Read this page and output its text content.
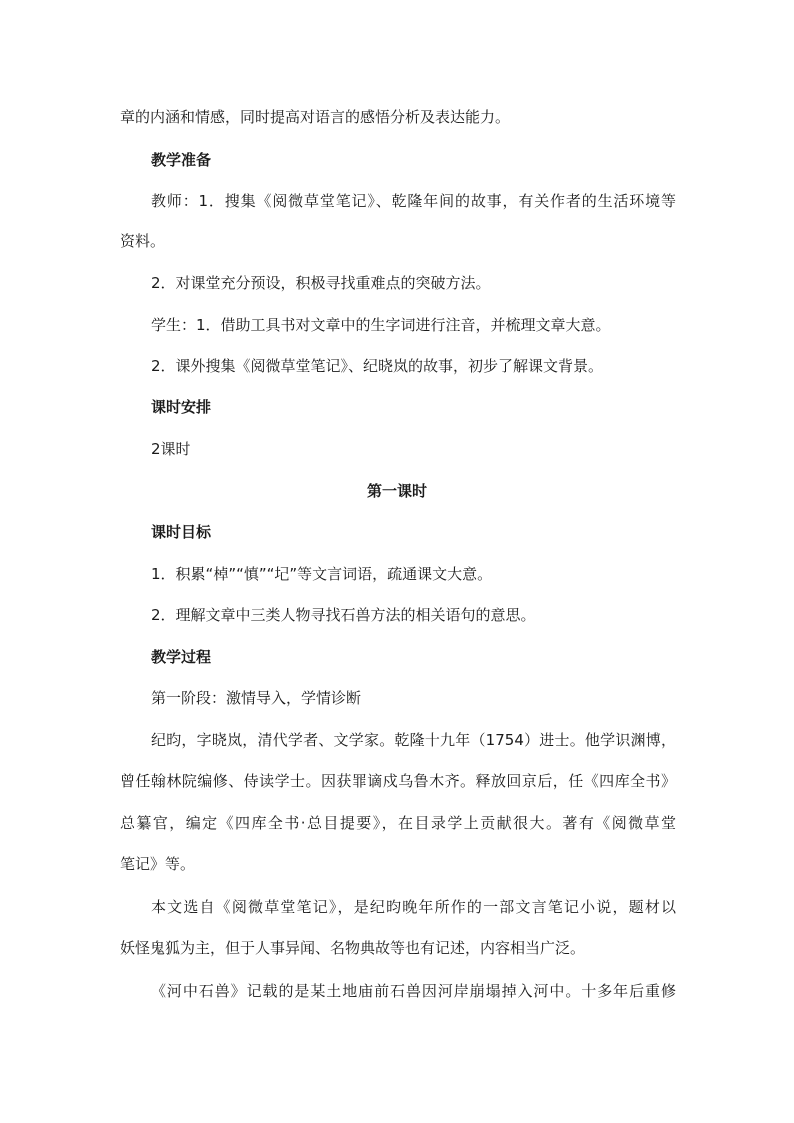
章的内涵和情感，同时提高对语言的感悟分析及表达能力。
教学准备
教师：1．搜集《阅微草堂笔记》、乾隆年间的故事，有关作者的生活环境等
资料。
2．对课堂充分预设，积极寻找重难点的突破方法。
学生：1．借助工具书对文章中的生字词进行注音，并梳理文章大意。
2．课外搜集《阅微草堂笔记》、纪晓岚的故事，初步了解课文背景。
课时安排
2课时
第一课时
课时目标
1．积累“棹”“慎”“圮”等文言词语，疏通课文大意。
2．理解文章中三类人物寻找石兽方法的相关语句的意思。
教学过程
第一阶段：激情导入，学情诊断
纪昀，字晓岚，清代学者、文学家。乾隆十九年（1754）进士。他学识渊博，
曾任翰林院编修、侍读学士。因获罪谪戍乌鲁木齐。释放回京后，任《四库全书》
总纂官，编定《四库全书·总目提要》，在目录学上贡献很大。著有《阅微草堂
笔记》等。
本文选自《阅微草堂笔记》，是纪昀晚年所作的一部文言笔记小说，题材以
妖怪鬼狐为主，但于人事异闻、名物典故等也有记述，内容相当广泛。
《河中石兽》记载的是某土地庙前石兽因河岸崩塌掉入河中。十多年后重修
